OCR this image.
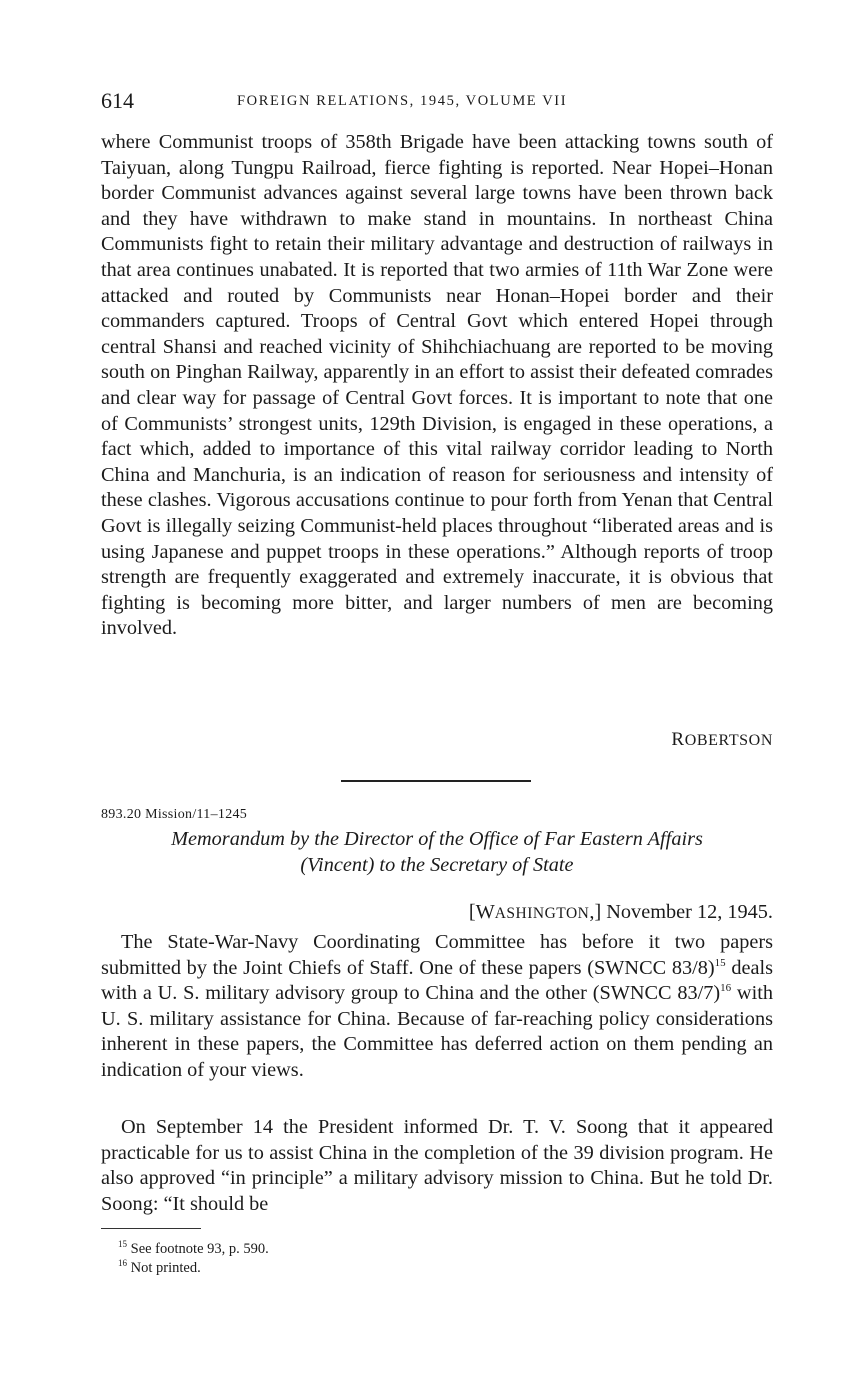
614	FOREIGN RELATIONS, 1945, VOLUME VII

where Communist troops of 358th Brigade have been attacking towns south of Taiyuan, along Tungpu Railroad, fierce fighting is reported. Near Hopei–Honan border Communist advances against several large towns have been thrown back and they have withdrawn to make stand in mountains. In northeast China Communists fight to retain their military advantage and destruction of railways in that area continues unabated. It is reported that two armies of 11th War Zone were attacked and routed by Communists near Honan–Hopei border and their commanders captured. Troops of Central Govt which entered Hopei through central Shansi and reached vicinity of Shihchiachuang are reported to be moving south on Pinghan Railway, apparently in an effort to assist their defeated comrades and clear way for passage of Central Govt forces. It is important to note that one of Communists’ strongest units, 129th Division, is engaged in these operations, a fact which, added to importance of this vital railway corridor leading to North China and Manchuria, is an indication of reason for seriousness and intensity of these clashes. Vigorous accusations continue to pour forth from Yenan that Central Govt is illegally seizing Communist-held places throughout “liberated areas and is using Japanese and puppet troops in these operations.” Although reports of troop strength are frequently exaggerated and extremely inaccurate, it is obvious that fighting is becoming more bitter, and larger numbers of men are becoming involved.

ROBERTSON
893.20 Mission/11–1245

Memorandum by the Director of the Office of Far Eastern Affairs
(Vincent) to the Secretary of State

[WASHINGTON,] November 12, 1945.

The State-War-Navy Coordinating Committee has before it two papers submitted by the Joint Chiefs of Staff. One of these papers (SWNCC 83/8)$^{15}$ deals with a U. S. military advisory group to China and the other (SWNCC 83/7)$^{16}$ with U. S. military assistance for China. Because of far-reaching policy considerations inherent in these papers, the Committee has deferred action on them pending an indication of your views.

On September 14 the President informed Dr. T. V. Soong that it appeared practicable for us to assist China in the completion of the 39 division program. He also approved “in principle” a military advisory mission to China. But he told Dr. Soong: “It should be

$^{15}$ See footnote 93, p. 590.
$^{16}$ Not printed.
